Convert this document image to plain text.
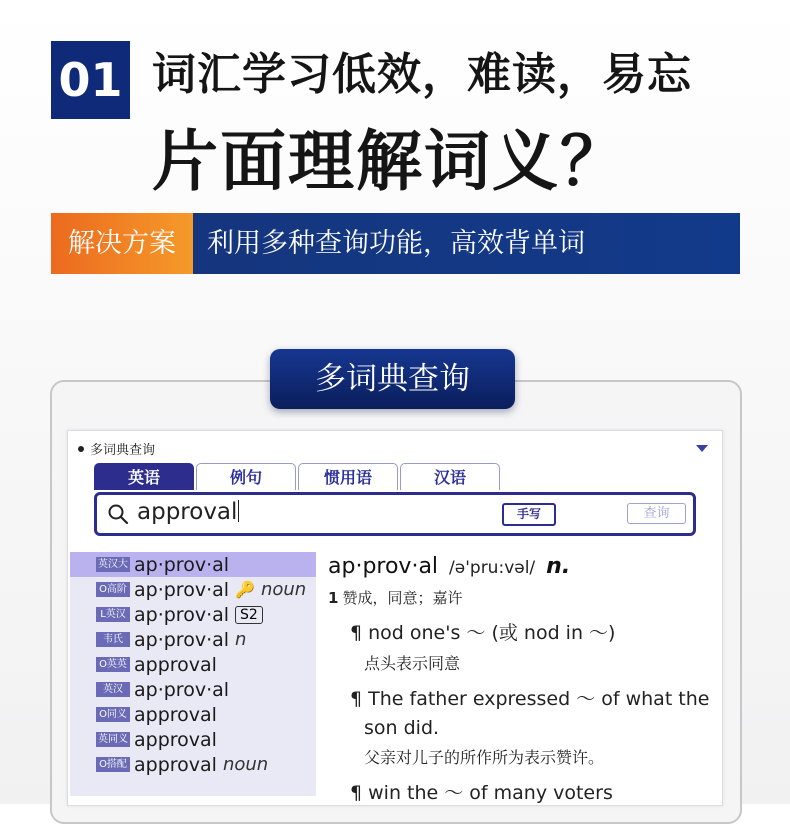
01 词汇学习低效，难读，易忘
片面理解词义？
解决方案	利用多种查询功能，高效背单词
多词典查询
多词典查询
英语	例句	惯用语	汉语
approval	手写	查询
英汉大 ap·prov·al
O高阶 ap·prov·al 🔑 noun
L英汉 ap·prov·al S2
韦氏 ap·prov·al n
O英英 approval
英汉 ap·prov·al
O同义 approval
英同义 approval
O搭配 approval noun
ap·prov·al /ə'pru:vəl/ n.
1 赞成，同意；嘉许
¶ nod one's ～ (或 nod in ～)
点头表示同意
¶ The father expressed ～ of what the
son did.
父亲对儿子的所作所为表示赞许。
¶ win the ～ of many voters
